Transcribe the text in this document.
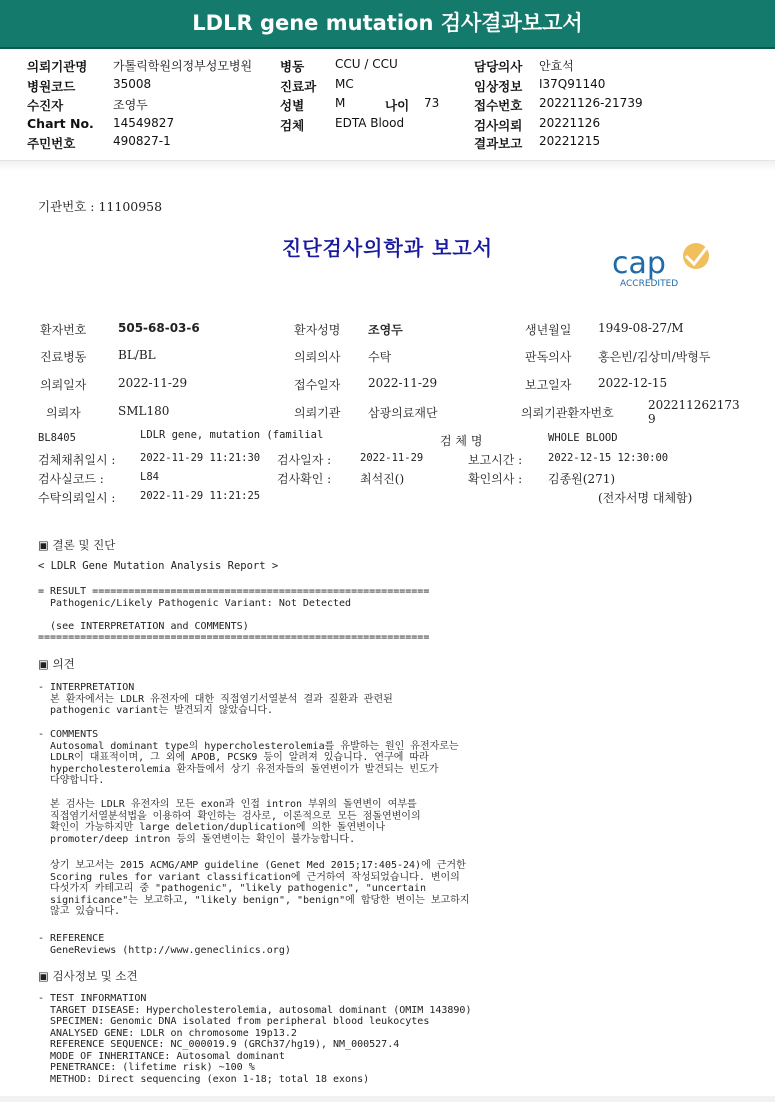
LDLR gene mutation 검사결과보고서
의뢰기관명 가톨릭학원의정부성모병원
병원코드	35008
수진자	조영두
Chart No. 14549827
주민번호	490827-1
병동	CCU / CCU
진료과 MC
성별	M	나이 73
검체	EDTA Blood
담당의사 안효석
임상정보 I37Q91140
접수번호 20221126-21739
검사의뢰 20221126
결과보고 20221215
기관번호 : 11100958
진단검사의학과 보고서	cap
ACCREDITED
환자번호	505-68-03-6	환자성명 조영두	생년월일 1949-08-27/M
진료병동	BL/BL	의뢰의사 수탁	판독의사 홍은빈/김상미/박형두
의뢰일자	2022-11-29	접수일자 2022-11-29	보고일자 2022-12-15
의뢰자	SML180	의뢰기관 삼광의료재단	의뢰기관환자번호
202211262173
9
BL8405	LDLR gene, mutation (familial	검 체 명	WHOLE BLOOD
검체채취일시 : 2022-11-29 11:21:30 검사일자 :	2022-11-29	보고시간 : 2022-12-15 12:30:00
검사실코드 :	L84	검사확인 : 최석진()	확인의사 : 김종원(271)
수탁의뢰일시 : 2022-11-29 11:21:25	(전자서명 대체함)
▣ 결론 및 진단
< LDLR Gene Mutation Analysis Report >
= RESULT ========================================================
Pathogenic/Likely Pathogenic Variant: Not Detected

(see INTERPRETATION and COMMENTS)
=================================================================
▣ 의견
- INTERPRETATION
본 환자에서는 LDLR 유전자에 대한 직접염기서열분석 결과 질환과 관련된
pathogenic variant는 발견되지 않았습니다.
- COMMENTS
Autosomal dominant type의 hypercholesterolemia를 유발하는 원인 유전자로는
LDLR이 대표적이며, 그 외에 APOB, PCSK9 등이 알려져 있습니다. 연구에 따라
hypercholesterolemia 환자들에서 상기 유전자들의 돌연변이가 발견되는 빈도가
다양합니다.
본 검사는 LDLR 유전자의 모든 exon과 인접 intron 부위의 돌연변이 여부를
직접염기서열분석법을 이용하여 확인하는 검사로, 이론적으로 모든 점돌연변이의
확인이 가능하지만 large deletion/duplication에 의한 돌연변이나
promoter/deep intron 등의 돌연변이는 확인이 불가능합니다.
상기 보고서는 2015 ACMG/AMP guideline (Genet Med 2015;17:405-24)에 근거한
Scoring rules for variant classification에 근거하여 작성되었습니다. 변이의
다섯가지 카테고리 중 "pathogenic", "likely pathogenic", "uncertain
significance"는 보고하고, "likely benign", "benign"에 합당한 변이는 보고하지
않고 있습니다.
- REFERENCE
GeneReviews (http://www.geneclinics.org)
▣ 검사정보 및 소견
- TEST INFORMATION
TARGET DISEASE: Hypercholesterolemia, autosomal dominant (OMIM 143890)
SPECIMEN: Genomic DNA isolated from peripheral blood leukocytes
ANALYSED GENE: LDLR on chromosome 19p13.2
REFERENCE SEQUENCE: NC_000019.9 (GRCh37/hg19), NM_000527.4
MODE OF INHERITANCE: Autosomal dominant
PENETRANCE: (lifetime risk) ~100 %
METHOD: Direct sequencing (exon 1-18; total 18 exons)
